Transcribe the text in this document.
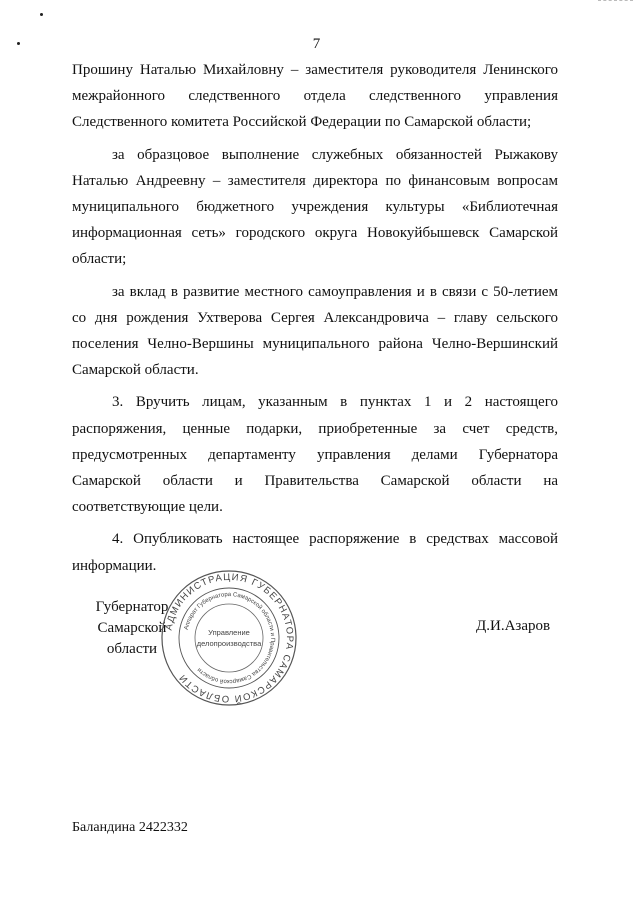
7

Прошину Наталью Михайловну – заместителя руководителя Ленинского межрайонного следственного отдела следственного управления Следственного комитета Российской Федерации по Самарской области;

за образцовое выполнение служебных обязанностей Рыжакову Наталью Андреевну – заместителя директора по финансовым вопросам муниципального бюджетного учреждения культуры «Библиотечная информационная сеть» городского округа Новокуйбышевск Самарской области;

за вклад в развитие местного самоуправления и в связи с 50-летием со дня рождения Ухтверова Сергея Александровича – главу сельского поселения Челно-Вершины муниципального района Челно-Вершинский Самарской области.

3. Вручить лицам, указанным в пунктах 1 и 2 настоящего распоряжения, ценные подарки, приобретенные за счет средств, предусмотренных департаменту управления делами Губернатора Самарской области и Правительства Самарской области на соответствующие цели.

4. Опубликовать настоящее распоряжение в средствах массовой информации.

Губернатор
Самарской области
АДМИНИСТРАЦИЯ ГУБЕРНАТОРА САМАРСКОЙ ОБЛАСТИ
Аппарат Губернатора Самарской области и Правительства Самарской области
Управление
делопроизводства
Д.И.Азаров
Баландина 2422332
